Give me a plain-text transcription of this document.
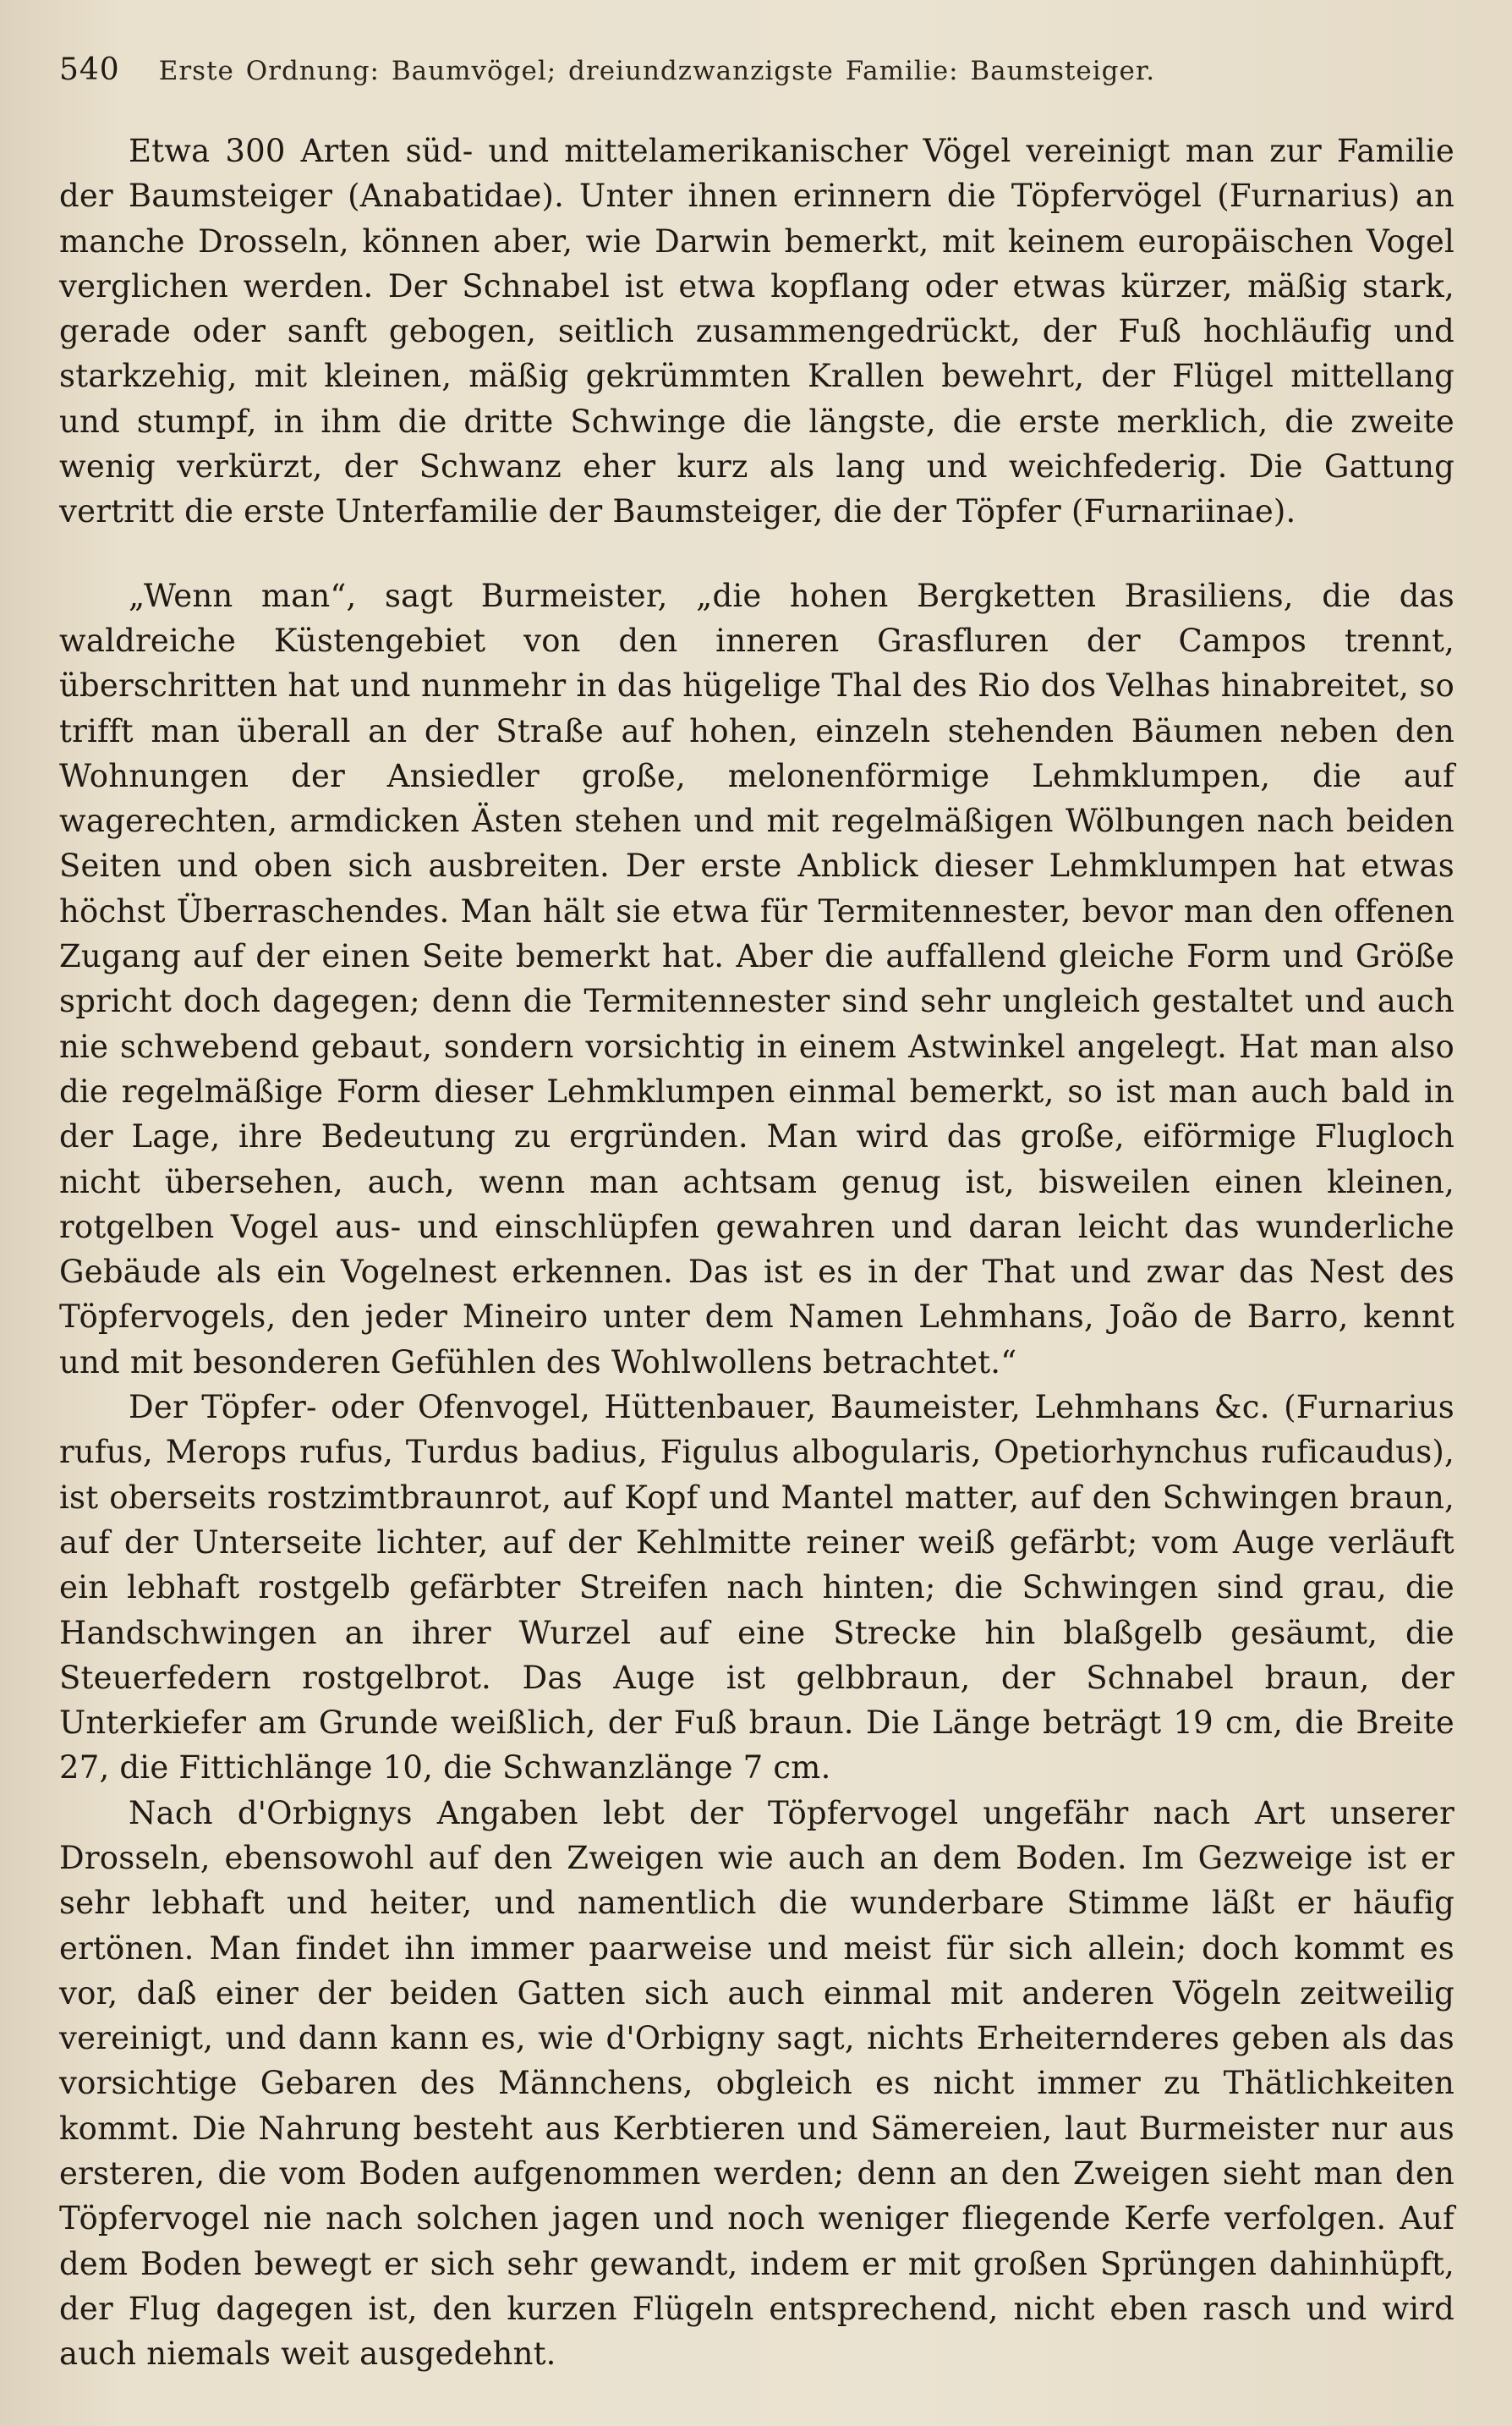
540 Erste Ordnung: Baumvögel; dreiundzwanzigste Familie: Baumsteiger.

Etwa 300 Arten süd- und mittelamerikanischer Vögel vereinigt man zur Familie der Baumsteiger (Anabatidae). Unter ihnen erinnern die Töpfervögel (Furnarius) an manche Drosseln, können aber, wie Darwin bemerkt, mit keinem europäischen Vogel verglichen werden. Der Schnabel ist etwa kopflang oder etwas kürzer, mäßig stark, gerade oder sanft gebogen, seitlich zusammengedrückt, der Fuß hochläufig und starkzehig, mit kleinen, mäßig gekrümmten Krallen bewehrt, der Flügel mittellang und stumpf, in ihm die dritte Schwinge die längste, die erste merklich, die zweite wenig verkürzt, der Schwanz eher kurz als lang und weichfederig. Die Gattung vertritt die erste Unterfamilie der Baumsteiger, die der Töpfer (Furnariinae).

„Wenn man“, sagt Burmeister, „die hohen Bergketten Brasiliens, die das waldreiche Küstengebiet von den inneren Grasfluren der Campos trennt, überschritten hat und nunmehr in das hügelige Thal des Rio dos Velhas hinabreitet, so trifft man überall an der Straße auf hohen, einzeln stehenden Bäumen neben den Wohnungen der Ansiedler große, melonenförmige Lehmklumpen, die auf wagerechten, armdicken Ästen stehen und mit regelmäßigen Wölbungen nach beiden Seiten und oben sich ausbreiten. Der erste Anblick dieser Lehmklumpen hat etwas höchst Überraschendes. Man hält sie etwa für Termitennester, bevor man den offenen Zugang auf der einen Seite bemerkt hat. Aber die auffallend gleiche Form und Größe spricht doch dagegen; denn die Termitennester sind sehr ungleich gestaltet und auch nie schwebend gebaut, sondern vorsichtig in einem Astwinkel angelegt. Hat man also die regelmäßige Form dieser Lehmklumpen einmal bemerkt, so ist man auch bald in der Lage, ihre Bedeutung zu ergründen. Man wird das große, eiförmige Flugloch nicht übersehen, auch, wenn man achtsam genug ist, bisweilen einen kleinen, rotgelben Vogel aus- und einschlüpfen gewahren und daran leicht das wunderliche Gebäude als ein Vogelnest erkennen. Das ist es in der That und zwar das Nest des Töpfervogels, den jeder Mineiro unter dem Namen Lehmhans, João de Barro, kennt und mit besonderen Gefühlen des Wohlwollens betrachtet.“

Der Töpfer- oder Ofenvogel, Hüttenbauer, Baumeister, Lehmhans &c. (Furnarius rufus, Merops rufus, Turdus badius, Figulus albogularis, Opetiorhynchus ruficaudus), ist oberseits rostzimtbraunrot, auf Kopf und Mantel matter, auf den Schwingen braun, auf der Unterseite lichter, auf der Kehlmitte reiner weiß gefärbt; vom Auge verläuft ein lebhaft rostgelb gefärbter Streifen nach hinten; die Schwingen sind grau, die Handschwingen an ihrer Wurzel auf eine Strecke hin blaßgelb gesäumt, die Steuerfedern rostgelbrot. Das Auge ist gelbbraun, der Schnabel braun, der Unterkiefer am Grunde weißlich, der Fuß braun. Die Länge beträgt 19 cm, die Breite 27, die Fittichlänge 10, die Schwanzlänge 7 cm.

Nach d'Orbignys Angaben lebt der Töpfervogel ungefähr nach Art unserer Drosseln, ebensowohl auf den Zweigen wie auch an dem Boden. Im Gezweige ist er sehr lebhaft und heiter, und namentlich die wunderbare Stimme läßt er häufig ertönen. Man findet ihn immer paarweise und meist für sich allein; doch kommt es vor, daß einer der beiden Gatten sich auch einmal mit anderen Vögeln zeitweilig vereinigt, und dann kann es, wie d'Orbigny sagt, nichts Erheiternderes geben als das vorsichtige Gebaren des Männchens, obgleich es nicht immer zu Thätlichkeiten kommt. Die Nahrung besteht aus Kerbtieren und Sämereien, laut Burmeister nur aus ersteren, die vom Boden aufgenommen werden; denn an den Zweigen sieht man den Töpfervogel nie nach solchen jagen und noch weniger fliegende Kerfe verfolgen. Auf dem Boden bewegt er sich sehr gewandt, indem er mit großen Sprüngen dahinhüpft, der Flug dagegen ist, den kurzen Flügeln entsprechend, nicht eben rasch und wird auch niemals weit ausgedehnt.
